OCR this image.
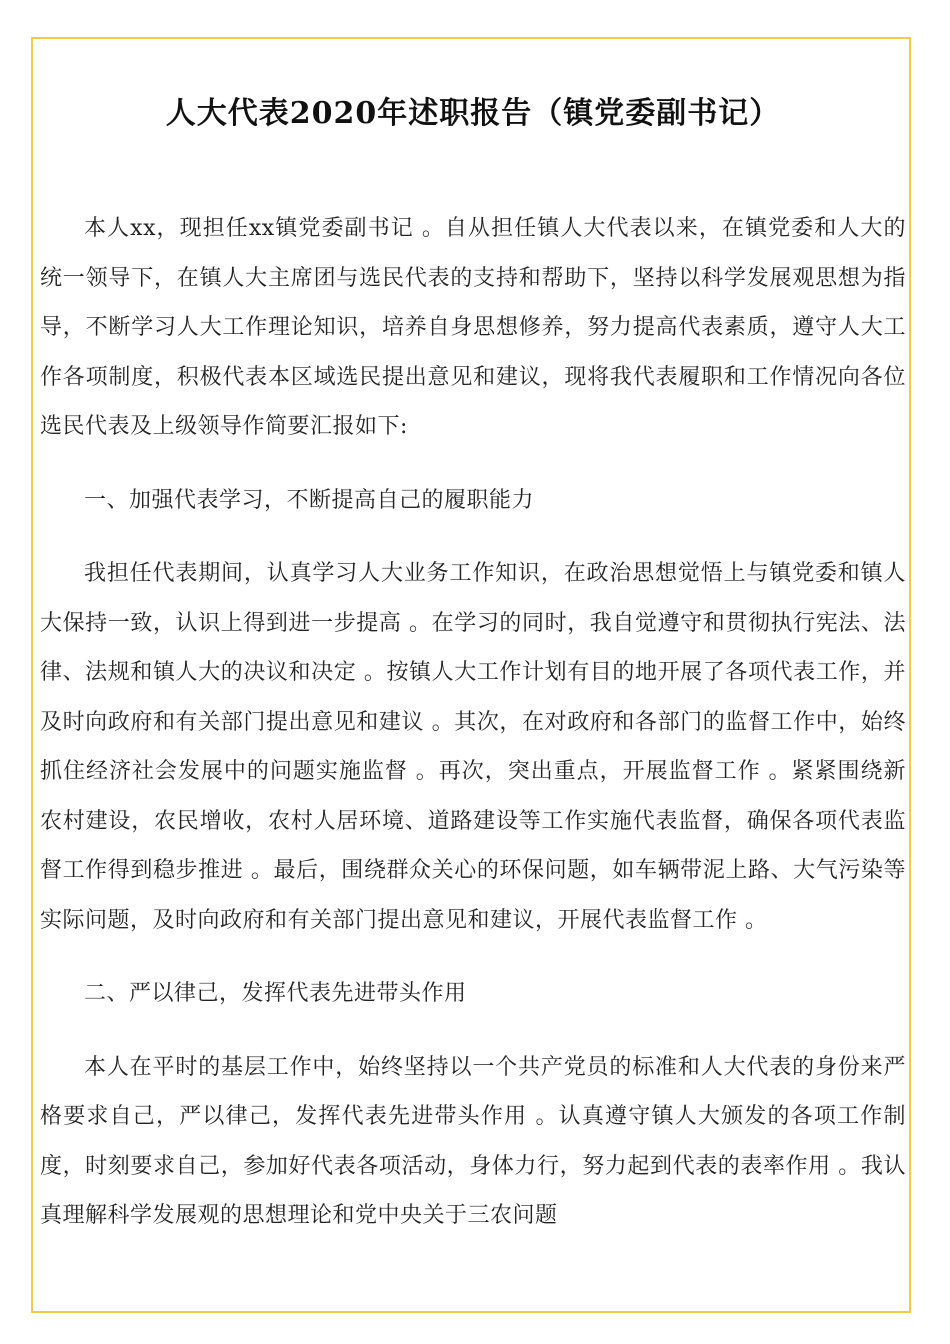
人大代表2020年述职报告（镇党委副书记）

本人xx，现担任xx镇党委副书记 。自从担任镇人大代表以来，在镇党委和人大的统一领导下，在镇人大主席团与选民代表的支持和帮助下，坚持以科学发展观思想为指导，不断学习人大工作理论知识，培养自身思想修养，努力提高代表素质，遵守人大工作各项制度，积极代表本区域选民提出意见和建议，现将我代表履职和工作情况向各位选民代表及上级领导作简要汇报如下:

一、加强代表学习，不断提高自己的履职能力

我担任代表期间，认真学习人大业务工作知识，在政治思想觉悟上与镇党委和镇人大保持一致，认识上得到进一步提高 。在学习的同时，我自觉遵守和贯彻执行宪法、法律、法规和镇人大的决议和决定 。按镇人大工作计划有目的地开展了各项代表工作，并及时向政府和有关部门提出意见和建议 。其次，在对政府和各部门的监督工作中，始终抓住经济社会发展中的问题实施监督 。再次，突出重点，开展监督工作 。紧紧围绕新农村建设，农民增收，农村人居环境、道路建设等工作实施代表监督，确保各项代表监督工作得到稳步推进 。最后，围绕群众关心的环保问题，如车辆带泥上路、大气污染等实际问题，及时向政府和有关部门提出意见和建议，开展代表监督工作 。

二、严以律己，发挥代表先进带头作用

本人在平时的基层工作中，始终坚持以一个共产党员的标准和人大代表的身份来严格要求自己，严以律己，发挥代表先进带头作用 。认真遵守镇人大颁发的各项工作制度，时刻要求自己，参加好代表各项活动，身体力行，努力起到代表的表率作用 。我认真理解科学发展观的思想理论和党中央关于三农问题
